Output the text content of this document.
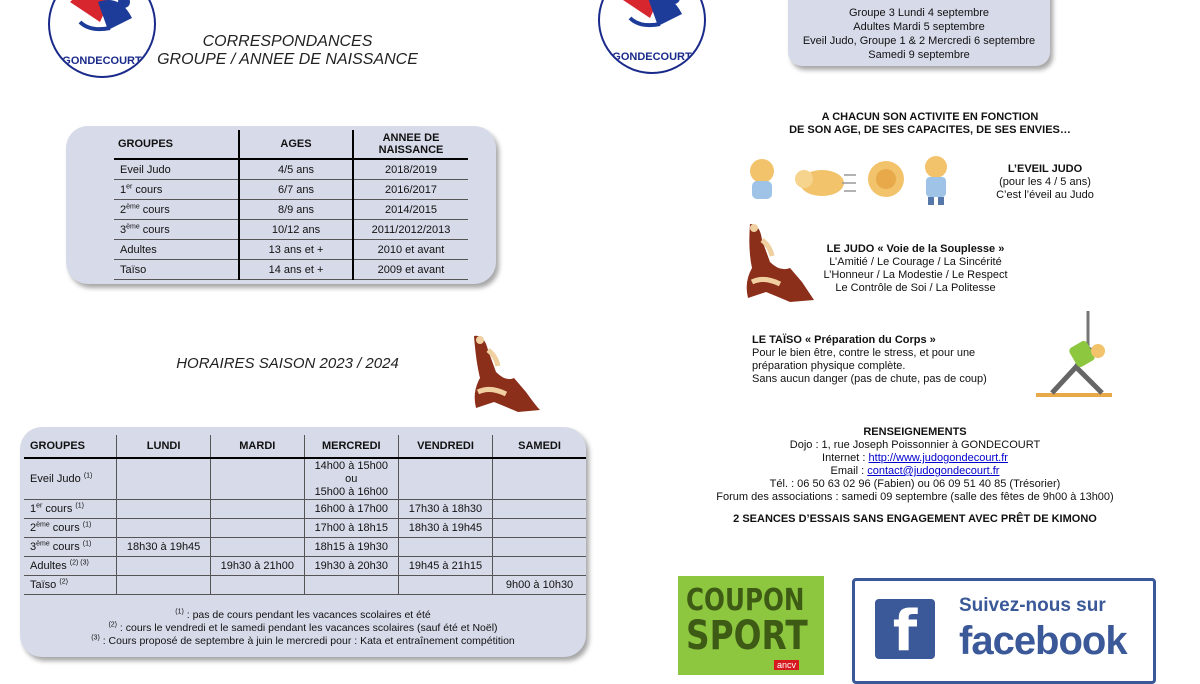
GONDECOURT
CORRESPONDANCES
GROUPE / ANNEE DE NAISSANCE
GROUPES	AGES	ANNEE DE NAISSANCE
Eveil Judo	4/5 ans	2018/2019
1er cours	6/7 ans	2016/2017
2ème cours	8/9 ans	2014/2015
3ème cours	10/12 ans	2011/2012/2013
Adultes	13 ans et +	2010 et avant
Taïso	14 ans et +	2009 et avant
HORAIRES SAISON 2023 / 2024
GROUPES	LUNDI	MARDI	MERCREDI	VENDREDI	SAMEDI
Eveil Judo $^{(1)}$			14h00 à 15h00
ou
15h00 à 16h00		
1er cours $^{(1)}$			16h00 à 17h00	17h30 à 18h30	
2ème cours $^{(1)}$			17h00 à 18h15	18h30 à 19h45	
3ème cours $^{(1)}$	18h30 à 19h45		18h15 à 19h30		
Adultes $^{(2) (3)}$		19h30 à 21h00	19h30 à 20h30	19h45 à 21h15	
Taïso $^{(2)}$					9h00 à 10h30
$^{(1)}$ : pas de cours pendant les vacances scolaires et été
$^{(2)}$ : cours le vendredi et le samedi pendant les vacances scolaires (sauf été et Noël)
$^{(3)}$ : Cours proposé de septembre à juin le mercredi pour : Kata et entraînement compétition
GONDECOURT
Groupe 3 Lundi 4 septembre
Adultes Mardi 5 septembre
Eveil Judo, Groupe 1 & 2 Mercredi 6 septembre
Samedi 9 septembre
A CHACUN SON ACTIVITE EN FONCTION
DE SON AGE, DE SES CAPACITES, DE SES ENVIES…
L’EVEIL JUDO
(pour les 4 / 5 ans)
C’est l’éveil au Judo
LE JUDO « Voie de la Souplesse »
L’Amitié / Le Courage / La Sincérité
L’Honneur / La Modestie / Le Respect
Le Contrôle de Soi / La Politesse
LE TAÏSO « Préparation du Corps »
Pour le bien être, contre le stress, et pour une
préparation physique complète.
Sans aucun danger (pas de chute, pas de coup)
RENSEIGNEMENTS
Dojo : 1, rue Joseph Poissonnier à GONDECOURT
Internet : http://www.judogondecourt.fr
Email : contact@judogondecourt.fr
Tél. : 06 50 63 02 96 (Fabien) ou 06 09 51 40 85 (Trésorier)
Forum des associations : samedi 09 septembre (salle des fêtes de 9h00 à 13h00)
2 SEANCES D’ESSAIS SANS ENGAGEMENT AVEC PRÊT DE KIMONO
COUPON
SPORT
ancv
f	Suivez-nous sur
facebook
